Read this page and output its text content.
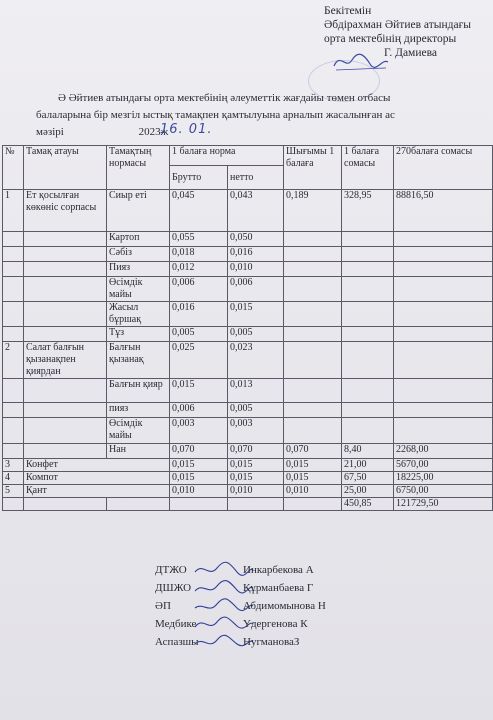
Бекітемін
Әбдірахман Әйтиев атындағы
орта мектебінің директоры
Г. Дамиева
Ә Әйтиев атындағы орта мектебінің әлеуметтік жағдайы төмен отбасы
балаларына бір мезгіл ыстық тамақпен қамтылуына арналып жасалынған ас
мәзірі	2023ж
16. 01.
№	Тамақ атауы	Тамақтың нормасы	1 балаға норма		Шығымы 1 балаға	1 балаға сомасы	270балаға сомасы
			Брутто	нетто			
1	Ет қосылған көкөніс сорпасы	Сиыр еті	0,045	0,043	0,189	328,95	88816,50
		Картоп	0,055	0,050			
		Сәбіз	0,018	0,016			
		Пияз	0,012	0,010			
		Өсімдік майы	0,006	0,006			
		Жасыл бұршақ	0,016	0,015			
		Тұз	0,005	0,005			
2	Салат балғын қызанақпен қиярдан	Балғын қызанақ	0,025	0,023			
		Балғын қияр	0,015	0,013			
		пияз	0,006	0,005			
		Өсімдік майы	0,003	0,003			
		Нан	0,070	0,070	0,070	8,40	2268,00
3	Конфет		0,015	0,015	0,015	21,00	5670,00
4	Компот		0,015	0,015	0,015	67,50	18225,00
5	Қант		0,010	0,010	0,010	25,00	6750,00
						450,85	121729,50
ДТЖО	Инкарбекова А
ДШЖО	Құрманбаева Г
ӘП	Абдимомынова Н
Медбике	Үдергенова К
Аспазшы	НугмановаЗ
